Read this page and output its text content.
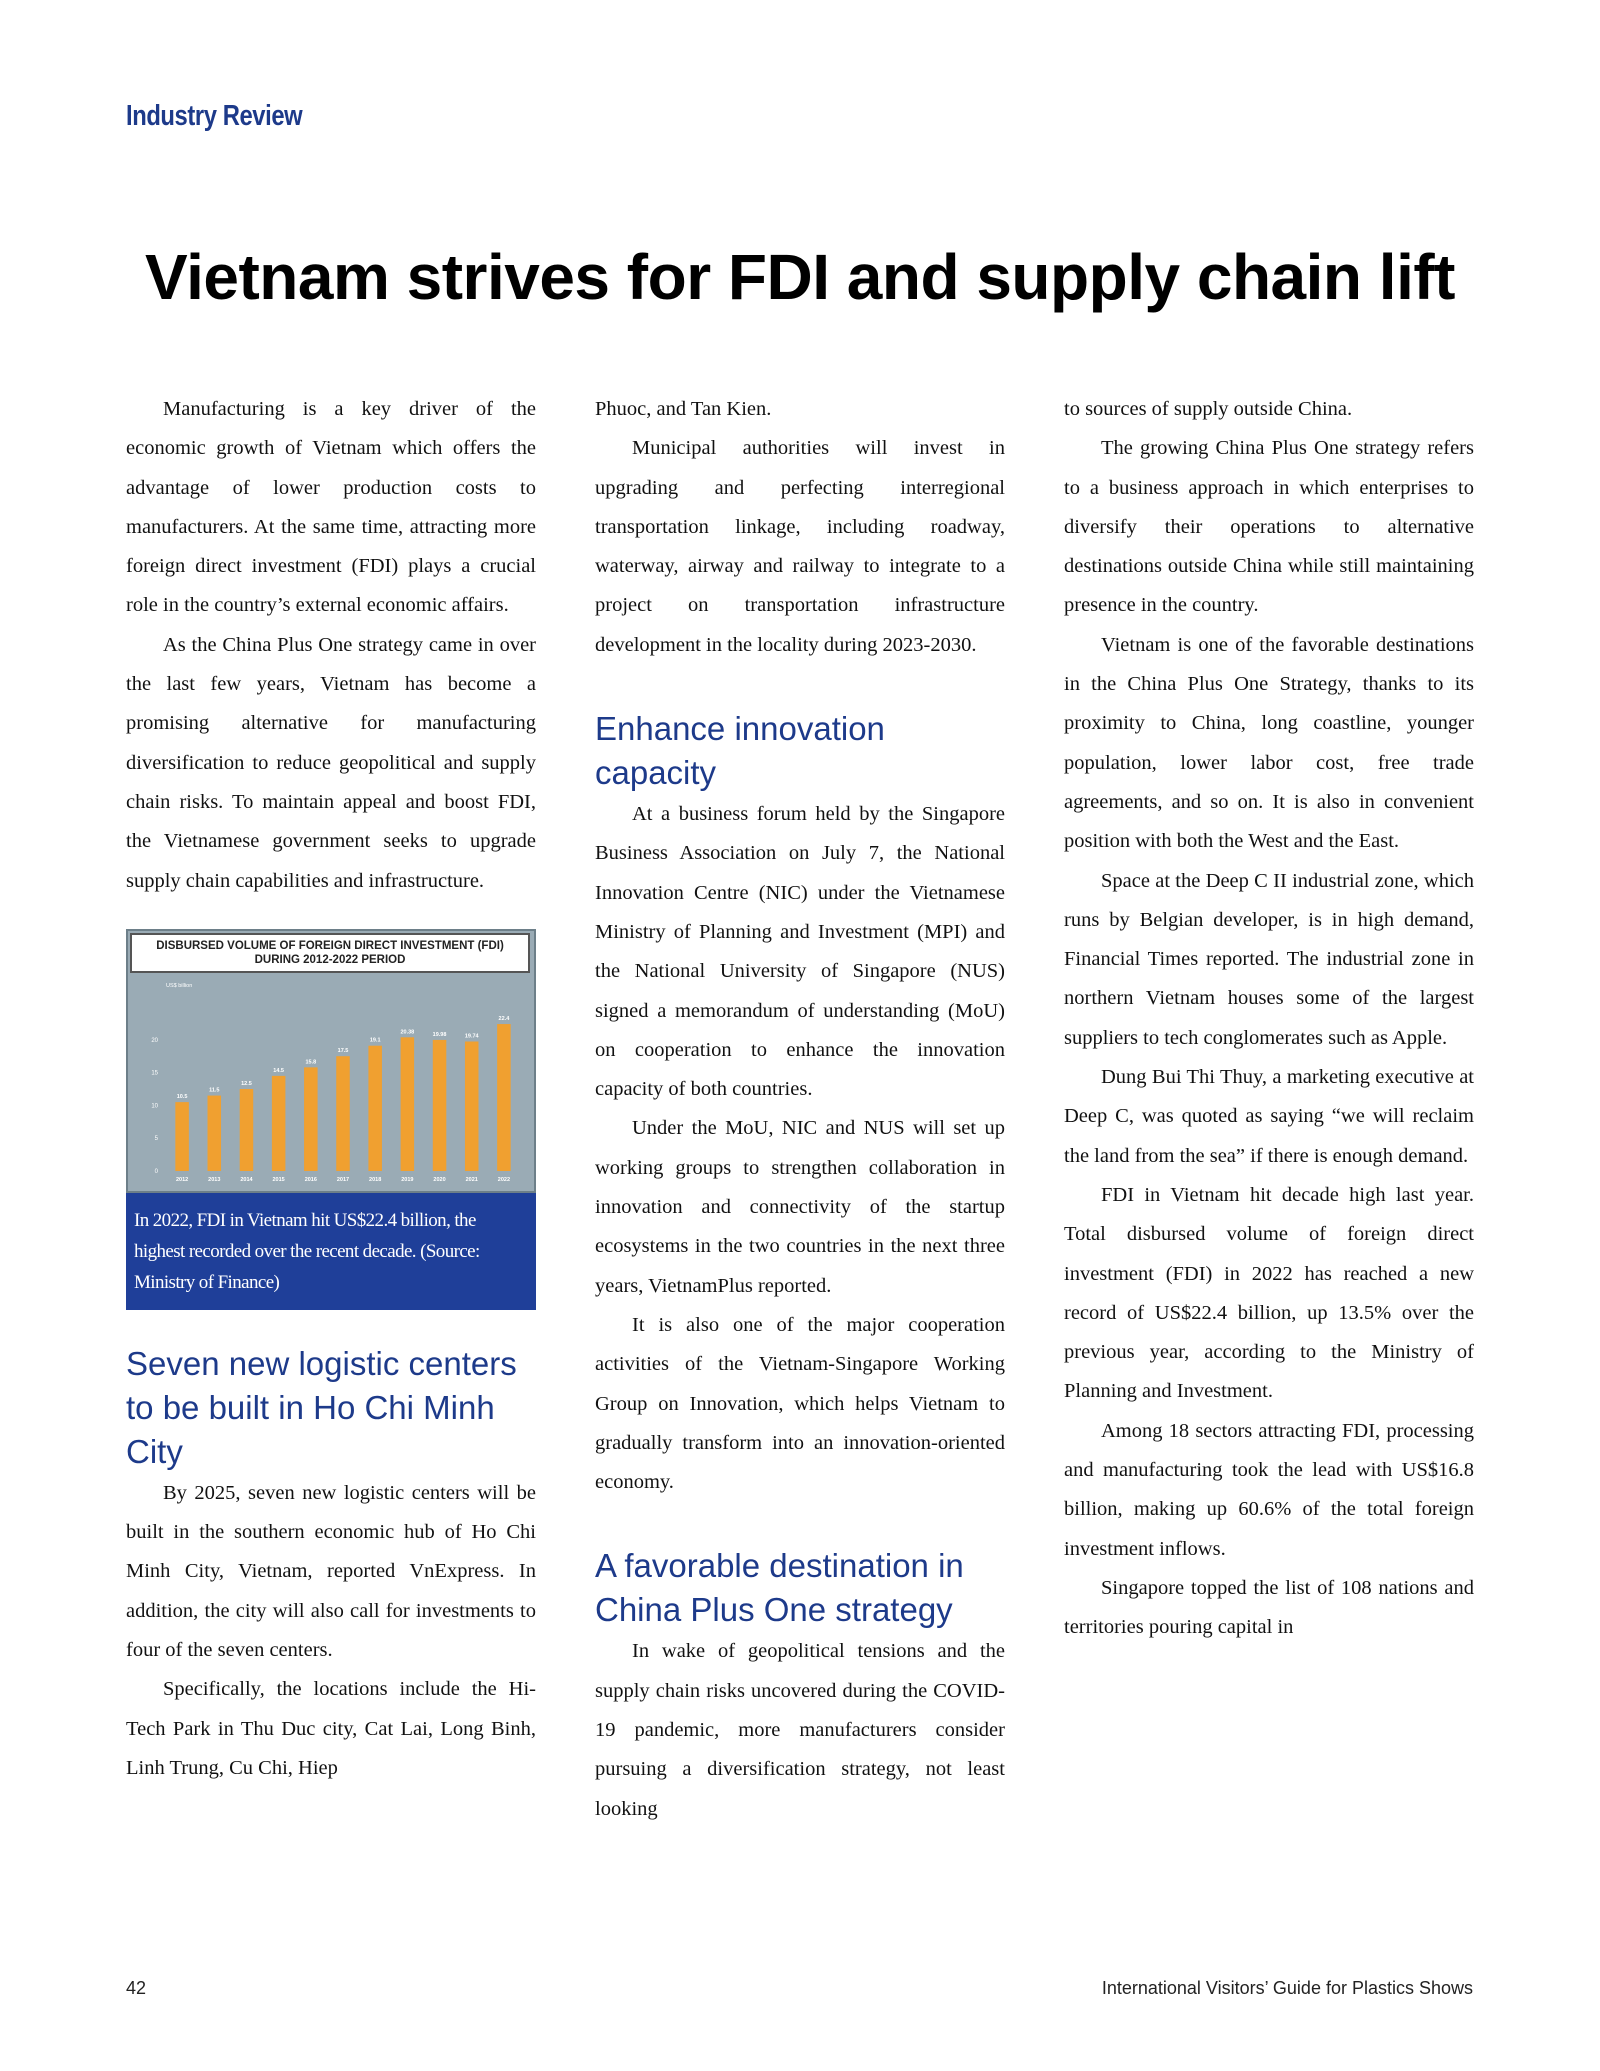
Industry Review
Vietnam strives for FDI and supply chain lift

Manufacturing is a key driver of the economic growth of Vietnam which offers the advantage of lower production costs to manufacturers. At the same time, attracting more foreign direct investment (FDI) plays a crucial role in the country’s external economic affairs.

As the China Plus One strategy came in over the last few years, Vietnam has become a promising alternative for manufacturing diversification to reduce geopolitical and supply chain risks. To maintain appeal and boost FDI, the Vietnamese government seeks to upgrade supply chain capabilities and infrastructure.

DISBURSED VOLUME OF FOREIGN DIRECT INVESTMENT (FDI) DURING 2012-2022 PERIOD
US$ billion
0
5
10
15
20
10.5
2012
11.5
2013
12.5
2014
14.5
2015
15.8
2016
17.5
2017
19.1
2018
20.38
2019
19.98
2020
19.74
2021
22.4
2022
In 2022, FDI in Vietnam hit US$22.4 billion, the highest recorded over the recent decade. (Source: Ministry of Finance)
Seven new logistic centers to be built in Ho Chi Minh City

By 2025, seven new logistic centers will be built in the southern economic hub of Ho Chi Minh City, Vietnam, reported VnExpress. In addition, the city will also call for investments to four of the seven centers.

Specifically, the locations include the Hi-Tech Park in Thu Duc city, Cat Lai, Long Binh, Linh Trung, Cu Chi, Hiep

Phuoc, and Tan Kien.

Municipal authorities will invest in upgrading and perfecting interregional transportation linkage, including roadway, waterway, airway and railway to integrate to a project on transportation infrastructure development in the locality during 2023-2030.

Enhance innovation capacity

At a business forum held by the Singapore Business Association on July 7, the National Innovation Centre (NIC) under the Vietnamese Ministry of Planning and Investment (MPI) and the National University of Singapore (NUS) signed a memorandum of understanding (MoU) on cooperation to enhance the innovation capacity of both countries.

Under the MoU, NIC and NUS will set up working groups to strengthen collaboration in innovation and connectivity of the startup ecosystems in the two countries in the next three years, VietnamPlus reported.

It is also one of the major cooperation activities of the Vietnam-Singapore Working Group on Innovation, which helps Vietnam to gradually transform into an innovation-oriented economy.

A favorable destination in China Plus One strategy

In wake of geopolitical tensions and the supply chain risks uncovered during the COVID-19 pandemic, more manufacturers consider pursuing a diversification strategy, not least looking

to sources of supply outside China.

The growing China Plus One strategy refers to a business approach in which enterprises to diversify their operations to alternative destinations outside China while still maintaining presence in the country.

Vietnam is one of the favorable destinations in the China Plus One Strategy, thanks to its proximity to China, long coastline, younger population, lower labor cost, free trade agreements, and so on. It is also in convenient position with both the West and the East.

Space at the Deep C II industrial zone, which runs by Belgian developer, is in high demand, Financial Times reported. The industrial zone in northern Vietnam houses some of the largest suppliers to tech conglomerates such as Apple.

Dung Bui Thi Thuy, a marketing executive at Deep C, was quoted as saying “we will reclaim the land from the sea” if there is enough demand.

FDI in Vietnam hit decade high last year. Total disbursed volume of foreign direct investment (FDI) in 2022 has reached a new record of US$22.4 billion, up 13.5% over the previous year, according to the Ministry of Planning and Investment.

Among 18 sectors attracting FDI, processing and manufacturing took the lead with US$16.8 billion, making up 60.6% of the total foreign investment inflows.

Singapore topped the list of 108 nations and territories pouring capital in

42	International Visitors’ Guide for Plastics Shows
